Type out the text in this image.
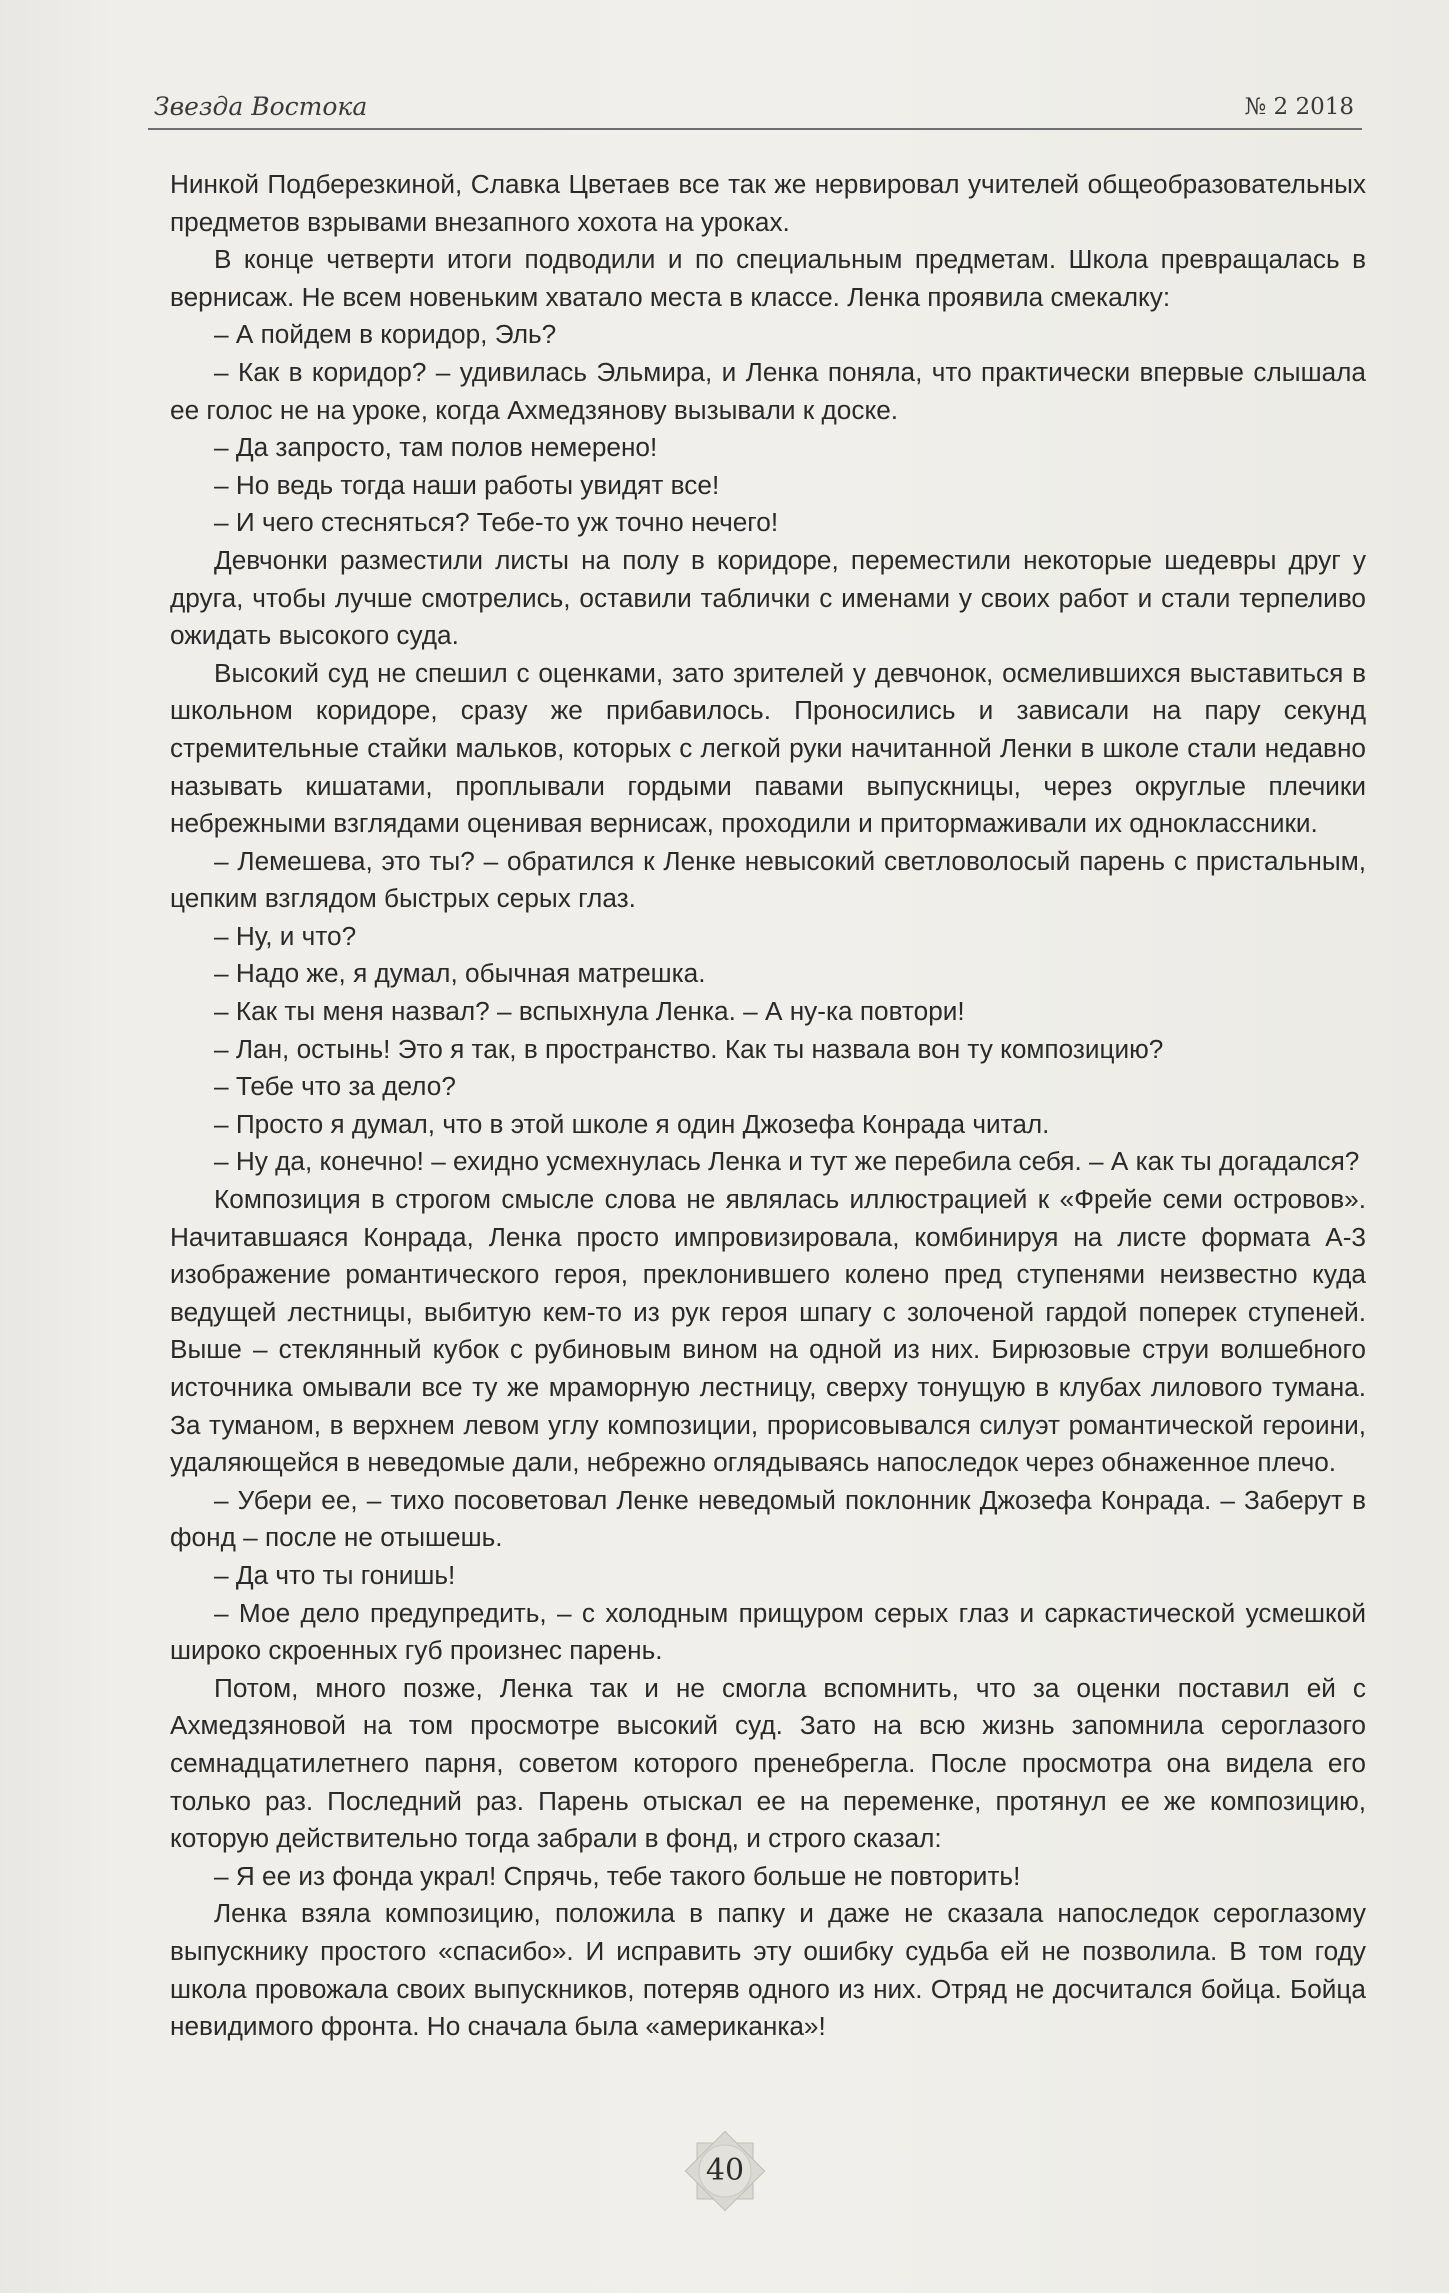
Звезда Востока	№ 2 2018

Нинкой Подберезкиной, Славка Цветаев все так же нервировал учителей общеобразовательных предметов взрывами внезапного хохота на уроках.

В конце четверти итоги подводили и по специальным предметам. Школа превращалась в вернисаж. Не всем новеньким хватало места в классе. Ленка проявила смекалку:

– А пойдем в коридор, Эль?

– Как в коридор? – удивилась Эльмира, и Ленка поняла, что практически впервые слышала ее голос не на уроке, когда Ахмедзянову вызывали к доске.

– Да запросто, там полов немерено!

– Но ведь тогда наши работы увидят все!

– И чего стесняться? Тебе-то уж точно нечего!

Девчонки разместили листы на полу в коридоре, переместили некоторые шедевры друг у друга, чтобы лучше смотрелись, оставили таблички с именами у своих работ и стали терпеливо ожидать высокого суда.

Высокий суд не спешил с оценками, зато зрителей у девчонок, осмелившихся выставиться в школьном коридоре, сразу же прибавилось. Проносились и зависали на пару секунд стремительные стайки мальков, которых с легкой руки начитанной Ленки в школе стали недавно называть кишатами, проплывали гордыми павами выпускницы, через округлые плечики небрежными взглядами оценивая вернисаж, проходили и притормаживали их одноклассники.

– Лемешева, это ты? – обратился к Ленке невысокий светловолосый парень с пристальным, цепким взглядом быстрых серых глаз.

– Ну, и что?

– Надо же, я думал, обычная матрешка.

– Как ты меня назвал? – вспыхнула Ленка. – А ну-ка повтори!

– Лан, остынь! Это я так, в пространство. Как ты назвала вон ту композицию?

– Тебе что за дело?

– Просто я думал, что в этой школе я один Джозефа Конрада читал.

– Ну да, конечно! – ехидно усмехнулась Ленка и тут же перебила себя. – А как ты догадался?

Композиция в строгом смысле слова не являлась иллюстрацией к «Фрейе семи островов». Начитавшаяся Конрада, Ленка просто импровизировала, комбинируя на листе формата А-3 изображение романтического героя, преклонившего колено пред ступенями неизвестно куда ведущей лестницы, выбитую кем-то из рук героя шпагу с золоченой гардой поперек ступеней. Выше – стеклянный кубок с рубиновым вином на одной из них. Бирюзовые струи волшебного источника омывали все ту же мраморную лестницу, сверху тонущую в клубах лилового тумана. За туманом, в верхнем левом углу композиции, прорисовывался силуэт романтической героини, удаляющейся в неведомые дали, небрежно оглядываясь напоследок через обнаженное плечо.

– Убери ее, – тихо посоветовал Ленке неведомый поклонник Джозефа Конрада. – Заберут в фонд – после не отышешь.

– Да что ты гонишь!

– Мое дело предупредить, – с холодным прищуром серых глаз и саркастической усмешкой широко скроенных губ произнес парень.

Потом, много позже, Ленка так и не смогла вспомнить, что за оценки поставил ей с Ахмедзяновой на том просмотре высокий суд. Зато на всю жизнь запомнила сероглазого семнадцатилетнего парня, советом которого пренебрегла. После просмотра она видела его только раз. Последний раз. Парень отыскал ее на переменке, протянул ее же композицию, которую действительно тогда забрали в фонд, и строго сказал:

– Я ее из фонда украл! Спрячь, тебе такого больше не повторить!

Ленка взяла композицию, положила в папку и даже не сказала напоследок сероглазому выпускнику простого «спасибо». И исправить эту ошибку судьба ей не позволила. В том году школа провожала своих выпускников, потеряв одного из них. Отряд не досчитался бойца. Бойца невидимого фронта. Но сначала была «американка»!

40
